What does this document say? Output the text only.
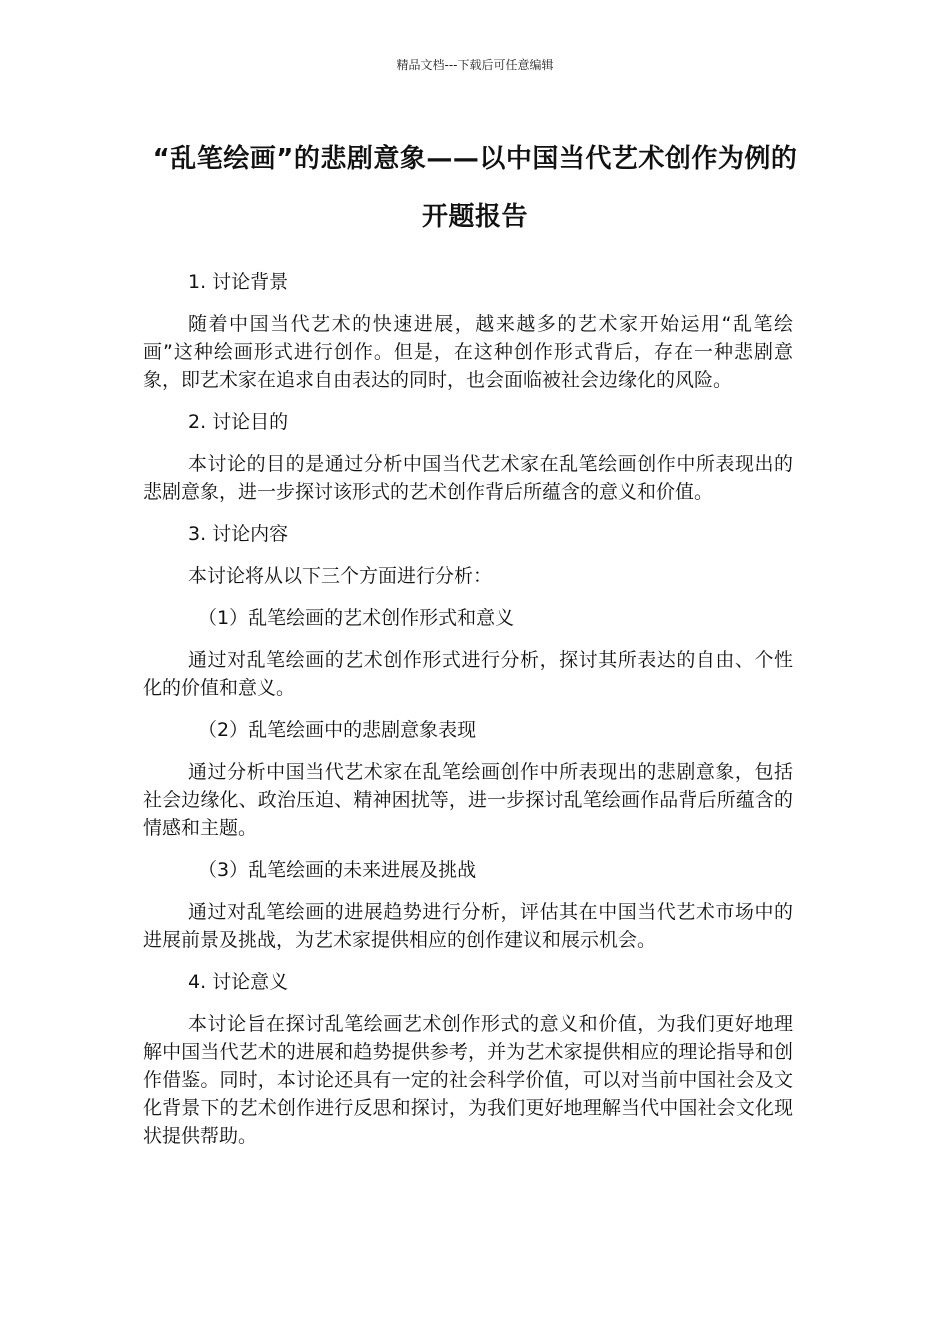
精品文档---下载后可任意编辑
“乱笔绘画”的悲剧意象——以中国当代艺术创作为例的开题报告

1. 讨论背景

随着中国当代艺术的快速进展，越来越多的艺术家开始运用“乱笔绘画”这种绘画形式进行创作。但是，在这种创作形式背后，存在一种悲剧意象，即艺术家在追求自由表达的同时，也会面临被社会边缘化的风险。

2. 讨论目的

本讨论的目的是通过分析中国当代艺术家在乱笔绘画创作中所表现出的悲剧意象，进一步探讨该形式的艺术创作背后所蕴含的意义和价值。

3. 讨论内容

本讨论将从以下三个方面进行分析：

（1）乱笔绘画的艺术创作形式和意义

通过对乱笔绘画的艺术创作形式进行分析，探讨其所表达的自由、个性化的价值和意义。

（2）乱笔绘画中的悲剧意象表现

通过分析中国当代艺术家在乱笔绘画创作中所表现出的悲剧意象，包括社会边缘化、政治压迫、精神困扰等，进一步探讨乱笔绘画作品背后所蕴含的情感和主题。

（3）乱笔绘画的未来进展及挑战

通过对乱笔绘画的进展趋势进行分析，评估其在中国当代艺术市场中的进展前景及挑战，为艺术家提供相应的创作建议和展示机会。

4. 讨论意义

本讨论旨在探讨乱笔绘画艺术创作形式的意义和价值，为我们更好地理解中国当代艺术的进展和趋势提供参考，并为艺术家提供相应的理论指导和创作借鉴。同时，本讨论还具有一定的社会科学价值，可以对当前中国社会及文化背景下的艺术创作进行反思和探讨，为我们更好地理解当代中国社会文化现状提供帮助。
